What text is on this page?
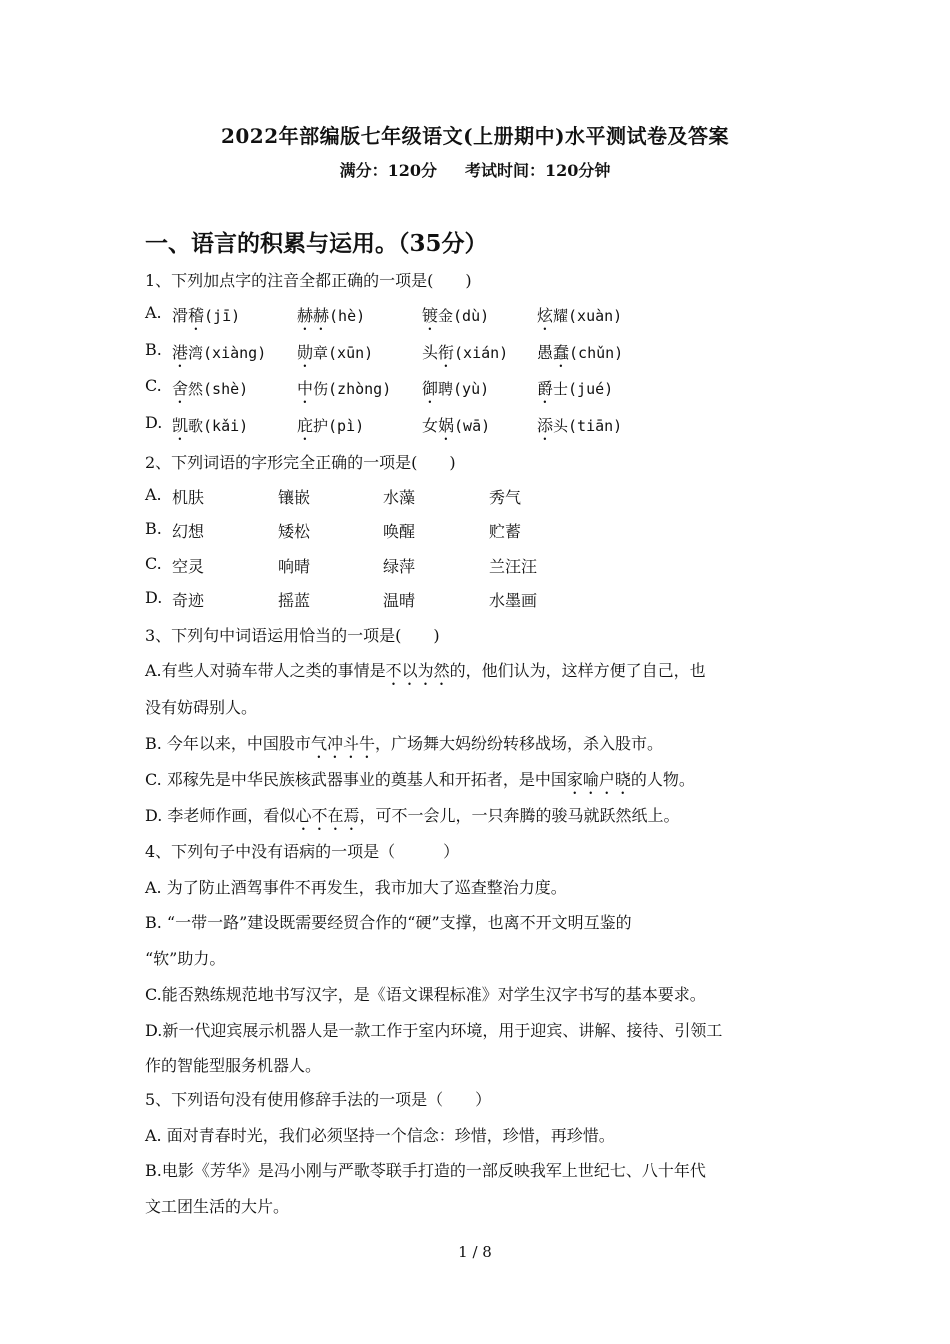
2022年部编版七年级语文(上册期中)水平测试卷及答案
满分：120分 考试时间：120分钟
一、语言的积累与运用。（35分）
1、下列加点字的注音全都正确的一项是(　　)
A. 滑稽(jī)	赫赫(hè)	镀金(dù)	炫耀(xuàn)
B. 港湾(xiàng) 勋章(xūn)	头衔(xián) 愚蠢(chǔn)
C. 舍然(shè)	中伤(zhòng) 御聘(yù)	爵士(jué)
D. 凯歌(kǎi)	庇护(pì)	女娲(wā)	添头(tiān)
2、下列词语的字形完全正确的一项是(　　)
A. 机肤	镶嵌	水藻	秀气
B. 幻想	矮松	唤醒	贮蓄
C. 空灵	响晴	绿萍	兰汪汪
D. 奇迹	摇蓝	温晴	水墨画
3、下列句中词语运用恰当的一项是(　　)
A.有些人对骑车带人之类的事情是不以为然的，他们认为，这样方便了自己，也
没有妨碍别人。
B. 今年以来，中国股市气冲斗牛，广场舞大妈纷纷转移战场，杀入股市。
C. 邓稼先是中华民族核武器事业的奠基人和开拓者，是中国家喻户晓的人物。
D. 李老师作画，看似心不在焉，可不一会儿，一只奔腾的骏马就跃然纸上。
4、下列句子中没有语病的一项是（　　　）
A. 为了防止酒驾事件不再发生，我市加大了巡查整治力度。
B. “一带一路”建设既需要经贸合作的“硬”支撑，也离不开文明互鉴的
“软”助力。
C.能否熟练规范地书写汉字，是《语文课程标准》对学生汉字书写的基本要求。
D.新一代迎宾展示机器人是一款工作于室内环境，用于迎宾、讲解、接待、引领工
作的智能型服务机器人。
5、下列语句没有使用修辞手法的一项是（　　）
A. 面对青春时光，我们必须坚持一个信念：珍惜，珍惜，再珍惜。
B.电影《芳华》是冯小刚与严歌苓联手打造的一部反映我军上世纪七、八十年代
文工团生活的大片。
1 / 8
